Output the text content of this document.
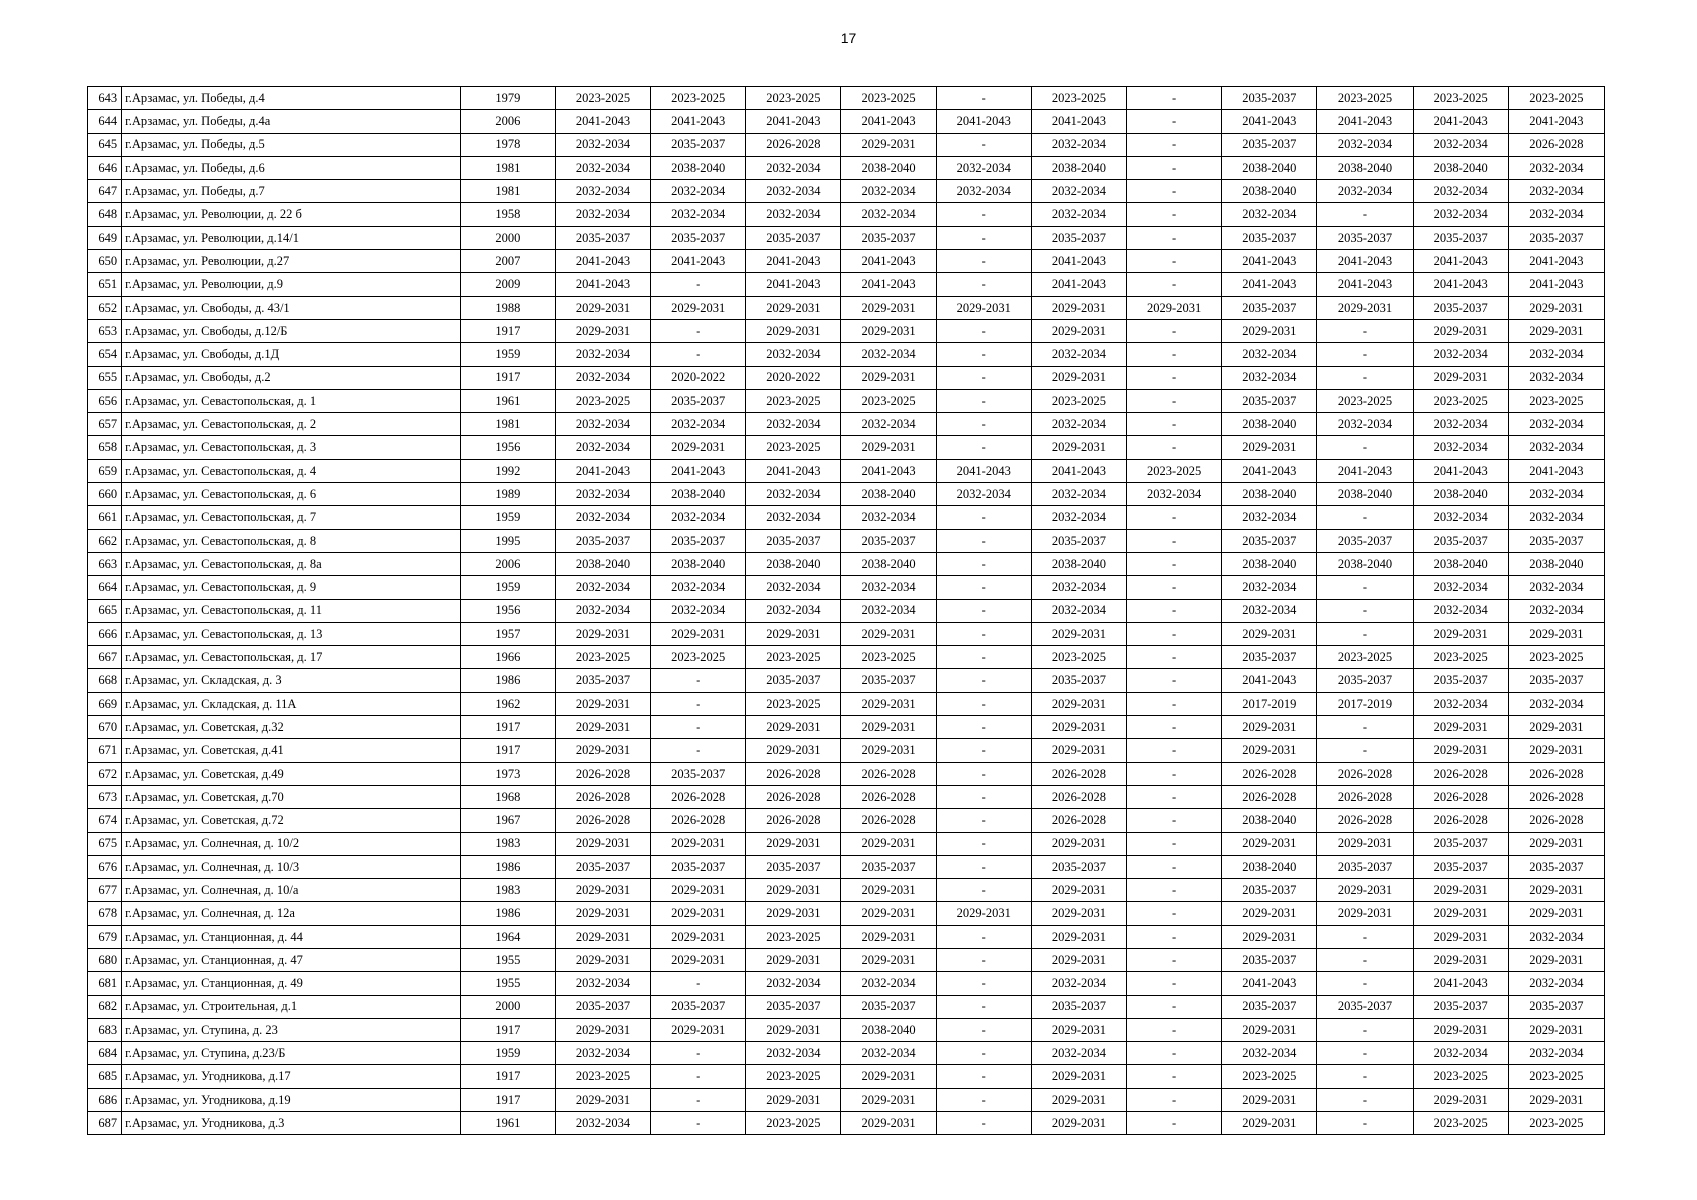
17
643	г.Арзамас, ул. Победы, д.4	1979	2023-2025	2023-2025	2023-2025	2023-2025	-	2023-2025	-	2035-2037	2023-2025	2023-2025	2023-2025
644	г.Арзамас, ул. Победы, д.4а	2006	2041-2043	2041-2043	2041-2043	2041-2043	2041-2043	2041-2043	-	2041-2043	2041-2043	2041-2043	2041-2043
645	г.Арзамас, ул. Победы, д.5	1978	2032-2034	2035-2037	2026-2028	2029-2031	-	2032-2034	-	2035-2037	2032-2034	2032-2034	2026-2028
646	г.Арзамас, ул. Победы, д.6	1981	2032-2034	2038-2040	2032-2034	2038-2040	2032-2034	2038-2040	-	2038-2040	2038-2040	2038-2040	2032-2034
647	г.Арзамас, ул. Победы, д.7	1981	2032-2034	2032-2034	2032-2034	2032-2034	2032-2034	2032-2034	-	2038-2040	2032-2034	2032-2034	2032-2034
648	г.Арзамас, ул. Революции, д. 22 б	1958	2032-2034	2032-2034	2032-2034	2032-2034	-	2032-2034	-	2032-2034	-	2032-2034	2032-2034
649	г.Арзамас, ул. Революции, д.14/1	2000	2035-2037	2035-2037	2035-2037	2035-2037	-	2035-2037	-	2035-2037	2035-2037	2035-2037	2035-2037
650	г.Арзамас, ул. Революции, д.27	2007	2041-2043	2041-2043	2041-2043	2041-2043	-	2041-2043	-	2041-2043	2041-2043	2041-2043	2041-2043
651	г.Арзамас, ул. Революции, д.9	2009	2041-2043	-	2041-2043	2041-2043	-	2041-2043	-	2041-2043	2041-2043	2041-2043	2041-2043
652	г.Арзамас, ул. Свободы, д. 43/1	1988	2029-2031	2029-2031	2029-2031	2029-2031	2029-2031	2029-2031	2029-2031	2035-2037	2029-2031	2035-2037	2029-2031
653	г.Арзамас, ул. Свободы, д.12/Б	1917	2029-2031	-	2029-2031	2029-2031	-	2029-2031	-	2029-2031	-	2029-2031	2029-2031
654	г.Арзамас, ул. Свободы, д.1Д	1959	2032-2034	-	2032-2034	2032-2034	-	2032-2034	-	2032-2034	-	2032-2034	2032-2034
655	г.Арзамас, ул. Свободы, д.2	1917	2032-2034	2020-2022	2020-2022	2029-2031	-	2029-2031	-	2032-2034	-	2029-2031	2032-2034
656	г.Арзамас, ул. Севастопольская, д. 1	1961	2023-2025	2035-2037	2023-2025	2023-2025	-	2023-2025	-	2035-2037	2023-2025	2023-2025	2023-2025
657	г.Арзамас, ул. Севастопольская, д. 2	1981	2032-2034	2032-2034	2032-2034	2032-2034	-	2032-2034	-	2038-2040	2032-2034	2032-2034	2032-2034
658	г.Арзамас, ул. Севастопольская, д. 3	1956	2032-2034	2029-2031	2023-2025	2029-2031	-	2029-2031	-	2029-2031	-	2032-2034	2032-2034
659	г.Арзамас, ул. Севастопольская, д. 4	1992	2041-2043	2041-2043	2041-2043	2041-2043	2041-2043	2041-2043	2023-2025	2041-2043	2041-2043	2041-2043	2041-2043
660	г.Арзамас, ул. Севастопольская, д. 6	1989	2032-2034	2038-2040	2032-2034	2038-2040	2032-2034	2032-2034	2032-2034	2038-2040	2038-2040	2038-2040	2032-2034
661	г.Арзамас, ул. Севастопольская, д. 7	1959	2032-2034	2032-2034	2032-2034	2032-2034	-	2032-2034	-	2032-2034	-	2032-2034	2032-2034
662	г.Арзамас, ул. Севастопольская, д. 8	1995	2035-2037	2035-2037	2035-2037	2035-2037	-	2035-2037	-	2035-2037	2035-2037	2035-2037	2035-2037
663	г.Арзамас, ул. Севастопольская, д. 8а	2006	2038-2040	2038-2040	2038-2040	2038-2040	-	2038-2040	-	2038-2040	2038-2040	2038-2040	2038-2040
664	г.Арзамас, ул. Севастопольская, д. 9	1959	2032-2034	2032-2034	2032-2034	2032-2034	-	2032-2034	-	2032-2034	-	2032-2034	2032-2034
665	г.Арзамас, ул. Севастопольская, д. 11	1956	2032-2034	2032-2034	2032-2034	2032-2034	-	2032-2034	-	2032-2034	-	2032-2034	2032-2034
666	г.Арзамас, ул. Севастопольская, д. 13	1957	2029-2031	2029-2031	2029-2031	2029-2031	-	2029-2031	-	2029-2031	-	2029-2031	2029-2031
667	г.Арзамас, ул. Севастопольская, д. 17	1966	2023-2025	2023-2025	2023-2025	2023-2025	-	2023-2025	-	2035-2037	2023-2025	2023-2025	2023-2025
668	г.Арзамас, ул. Складская, д. 3	1986	2035-2037	-	2035-2037	2035-2037	-	2035-2037	-	2041-2043	2035-2037	2035-2037	2035-2037
669	г.Арзамас, ул. Складская, д. 11А	1962	2029-2031	-	2023-2025	2029-2031	-	2029-2031	-	2017-2019	2017-2019	2032-2034	2032-2034
670	г.Арзамас, ул. Советская, д.32	1917	2029-2031	-	2029-2031	2029-2031	-	2029-2031	-	2029-2031	-	2029-2031	2029-2031
671	г.Арзамас, ул. Советская, д.41	1917	2029-2031	-	2029-2031	2029-2031	-	2029-2031	-	2029-2031	-	2029-2031	2029-2031
672	г.Арзамас, ул. Советская, д.49	1973	2026-2028	2035-2037	2026-2028	2026-2028	-	2026-2028	-	2026-2028	2026-2028	2026-2028	2026-2028
673	г.Арзамас, ул. Советская, д.70	1968	2026-2028	2026-2028	2026-2028	2026-2028	-	2026-2028	-	2026-2028	2026-2028	2026-2028	2026-2028
674	г.Арзамас, ул. Советская, д.72	1967	2026-2028	2026-2028	2026-2028	2026-2028	-	2026-2028	-	2038-2040	2026-2028	2026-2028	2026-2028
675	г.Арзамас, ул. Солнечная, д. 10/2	1983	2029-2031	2029-2031	2029-2031	2029-2031	-	2029-2031	-	2029-2031	2029-2031	2035-2037	2029-2031
676	г.Арзамас, ул. Солнечная, д. 10/3	1986	2035-2037	2035-2037	2035-2037	2035-2037	-	2035-2037	-	2038-2040	2035-2037	2035-2037	2035-2037
677	г.Арзамас, ул. Солнечная, д. 10/а	1983	2029-2031	2029-2031	2029-2031	2029-2031	-	2029-2031	-	2035-2037	2029-2031	2029-2031	2029-2031
678	г.Арзамас, ул. Солнечная, д. 12а	1986	2029-2031	2029-2031	2029-2031	2029-2031	2029-2031	2029-2031	-	2029-2031	2029-2031	2029-2031	2029-2031
679	г.Арзамас, ул. Станционная, д. 44	1964	2029-2031	2029-2031	2023-2025	2029-2031	-	2029-2031	-	2029-2031	-	2029-2031	2032-2034
680	г.Арзамас, ул. Станционная, д. 47	1955	2029-2031	2029-2031	2029-2031	2029-2031	-	2029-2031	-	2035-2037	-	2029-2031	2029-2031
681	г.Арзамас, ул. Станционная, д. 49	1955	2032-2034	-	2032-2034	2032-2034	-	2032-2034	-	2041-2043	-	2041-2043	2032-2034
682	г.Арзамас, ул. Строительная, д.1	2000	2035-2037	2035-2037	2035-2037	2035-2037	-	2035-2037	-	2035-2037	2035-2037	2035-2037	2035-2037
683	г.Арзамас, ул. Ступина, д. 23	1917	2029-2031	2029-2031	2029-2031	2038-2040	-	2029-2031	-	2029-2031	-	2029-2031	2029-2031
684	г.Арзамас, ул. Ступина, д.23/Б	1959	2032-2034	-	2032-2034	2032-2034	-	2032-2034	-	2032-2034	-	2032-2034	2032-2034
685	г.Арзамас, ул. Угодникова, д.17	1917	2023-2025	-	2023-2025	2029-2031	-	2029-2031	-	2023-2025	-	2023-2025	2023-2025
686	г.Арзамас, ул. Угодникова, д.19	1917	2029-2031	-	2029-2031	2029-2031	-	2029-2031	-	2029-2031	-	2029-2031	2029-2031
687	г.Арзамас, ул. Угодникова, д.3	1961	2032-2034	-	2023-2025	2029-2031	-	2029-2031	-	2029-2031	-	2023-2025	2023-2025
